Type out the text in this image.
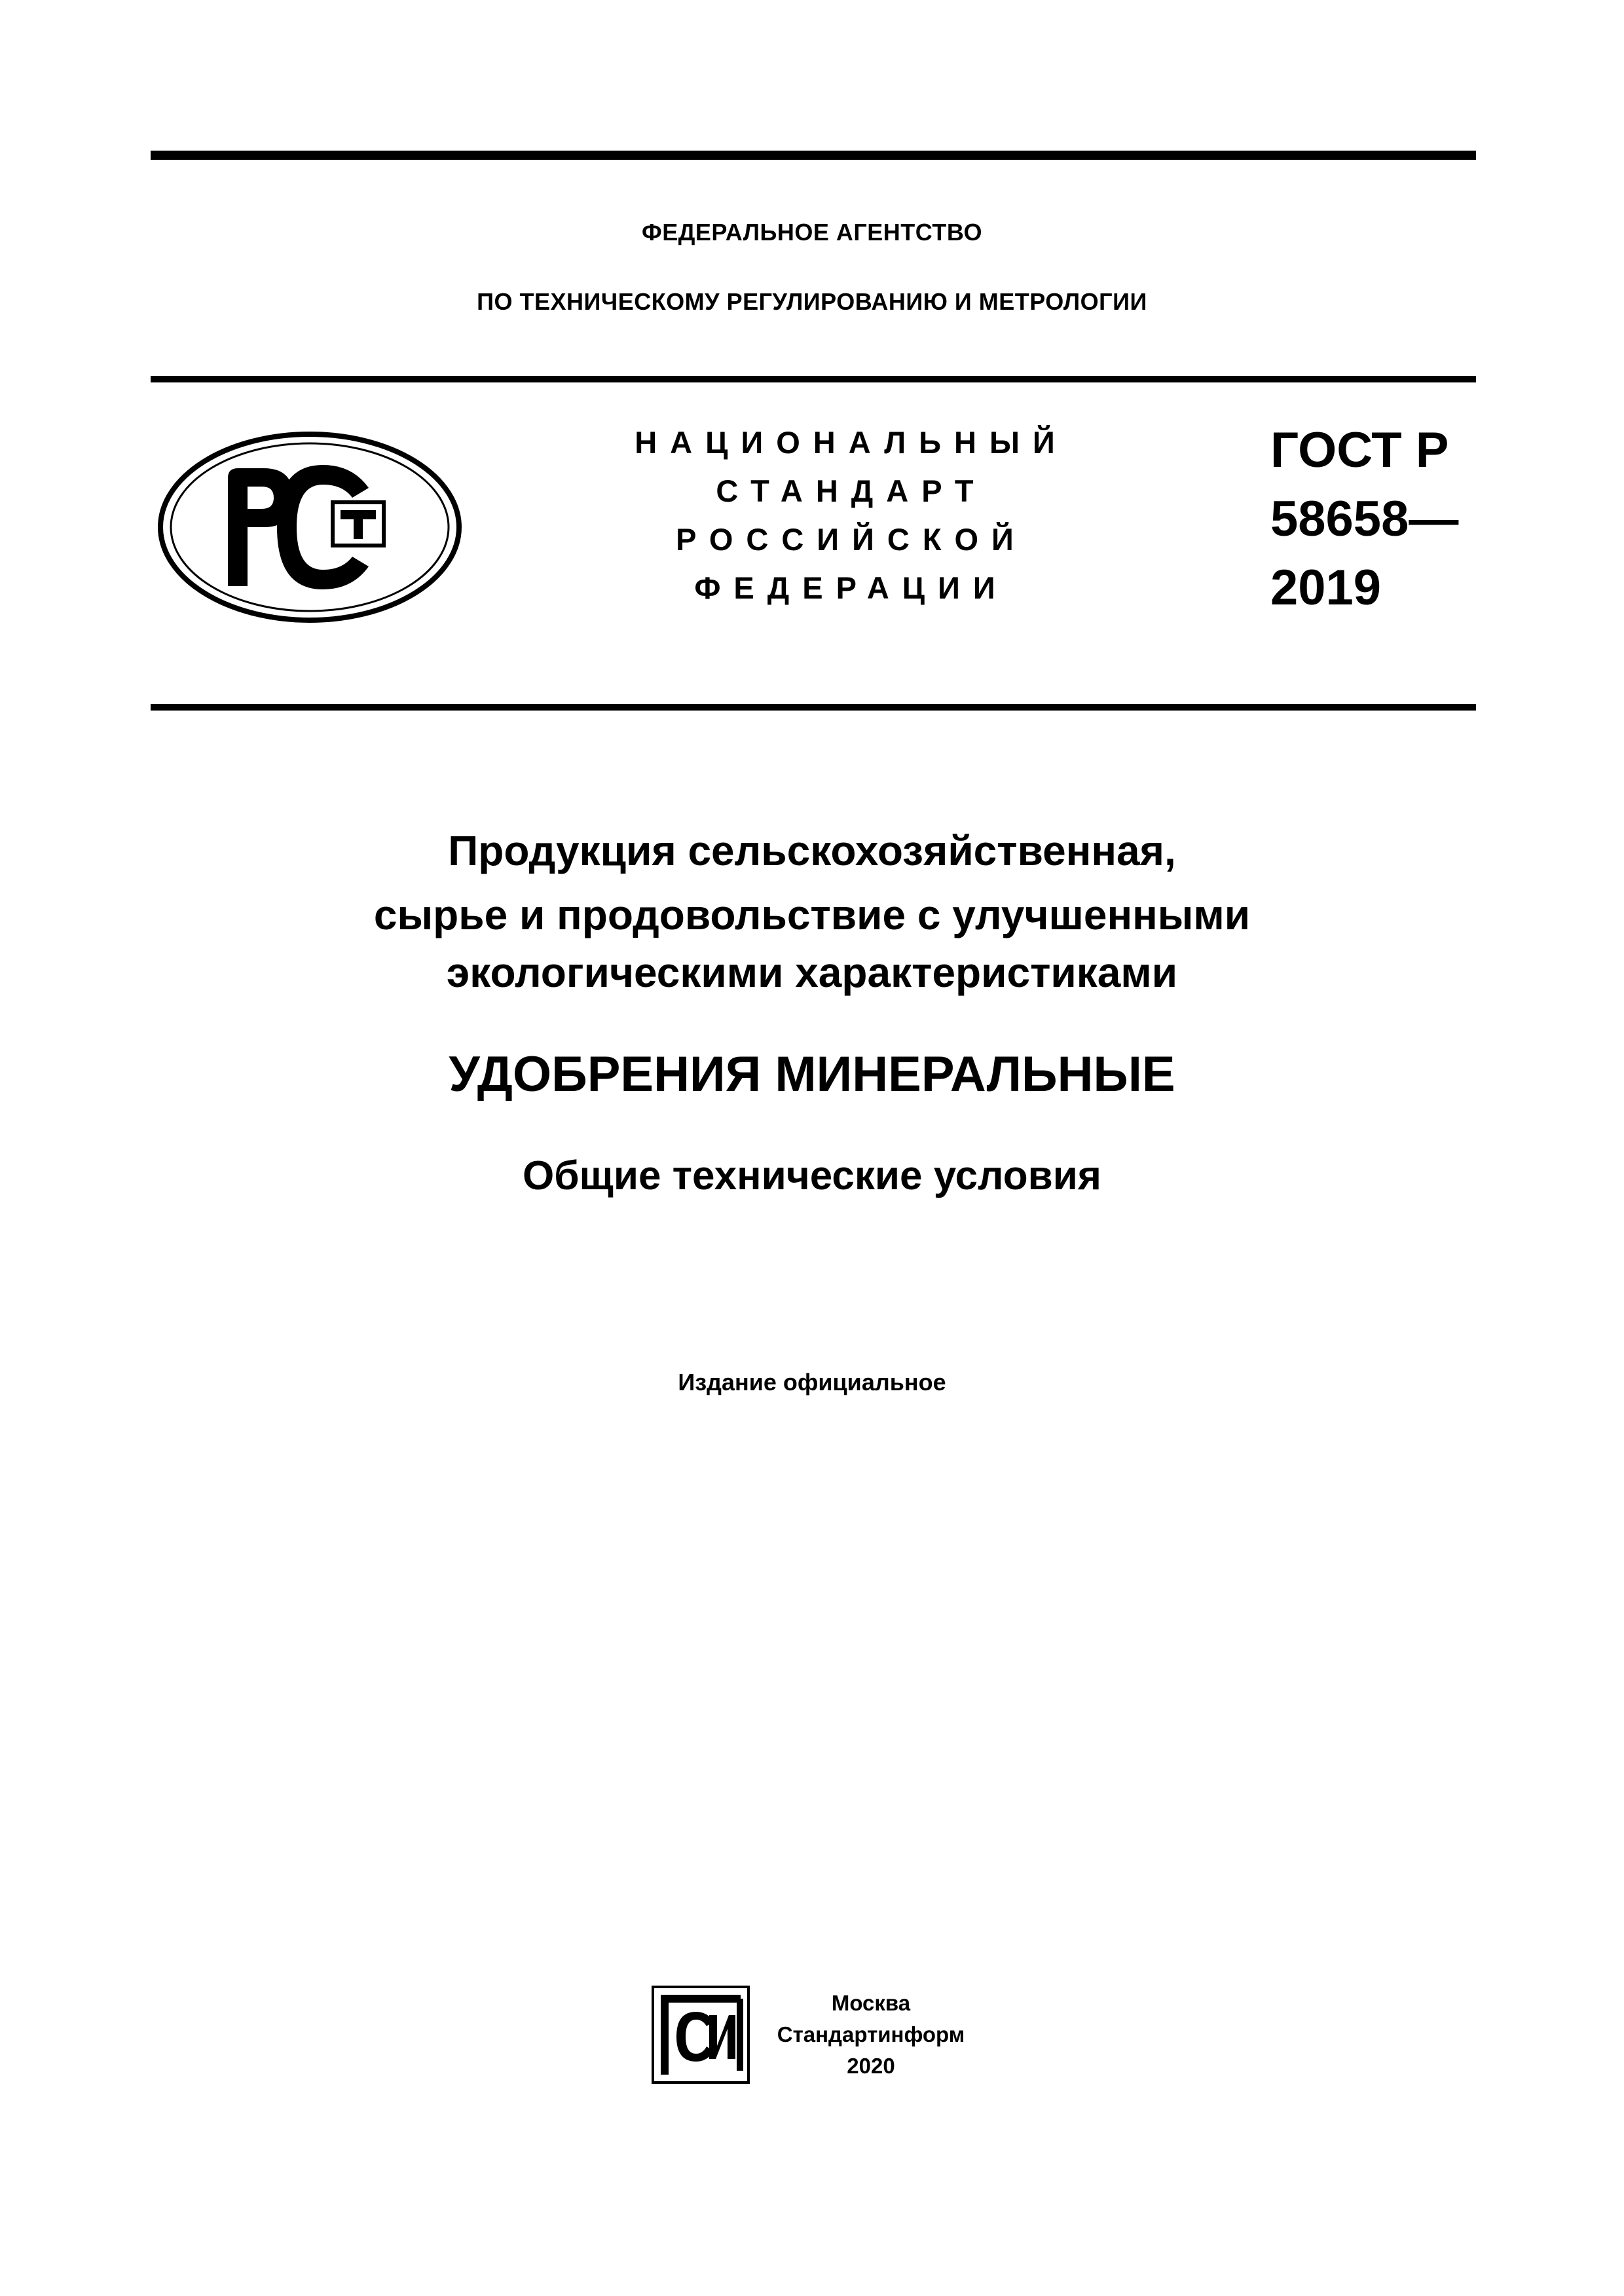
ФЕДЕРАЛЬНОЕ АГЕНТСТВО
ПО ТЕХНИЧЕСКОМУ РЕГУЛИРОВАНИЮ И МЕТРОЛОГИИ
НАЦИОНАЛЬНЫЙ
СТАНДАРТ
РОССИЙСКОЙ
ФЕДЕРАЦИИ
ГОСТ Р
58658—
2019
Продукция сельскохозяйственная,
сырье и продовольствие с улучшенными
экологическими характеристиками
УДОБРЕНИЯ МИНЕРАЛЬНЫЕ
Общие технические условия
Издание официальное
Москва
Стандартинформ
2020
